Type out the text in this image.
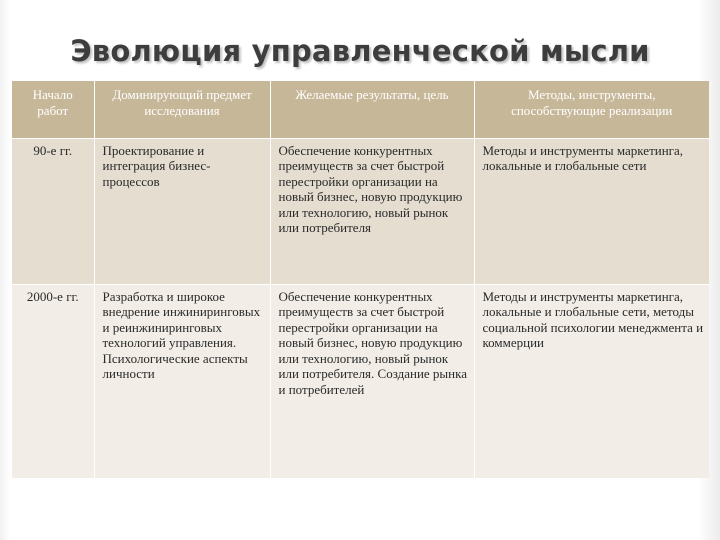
Эволюция управленческой мысли
Начало работ	Доминирующий предмет исследования	Желаемые результаты, цель	Методы, инструменты, способствующие реализации
90-е гг.	Проектирование и интеграция бизнес-процессов	Обеспечение конкурентных преимуществ за счет быстрой перестройки организации на новый бизнес, новую продукцию или технологию, новый рынок или потребителя	Методы и инструменты маркетинга, локальные и глобальные сети
2000-е гг.	Разработка и широкое внедрение инжиниринговых и реинжиниринговых технологий управления. Психологические аспекты личности	Обеспечение конкурентных преимуществ за счет быстрой перестройки организации на новый бизнес, новую продукцию или технологию, новый рынок или потребителя. Создание рынка и потребителей	Методы и инструменты маркетинга, локальные и глобальные сети, методы социальной психологии менеджмента и коммерции
